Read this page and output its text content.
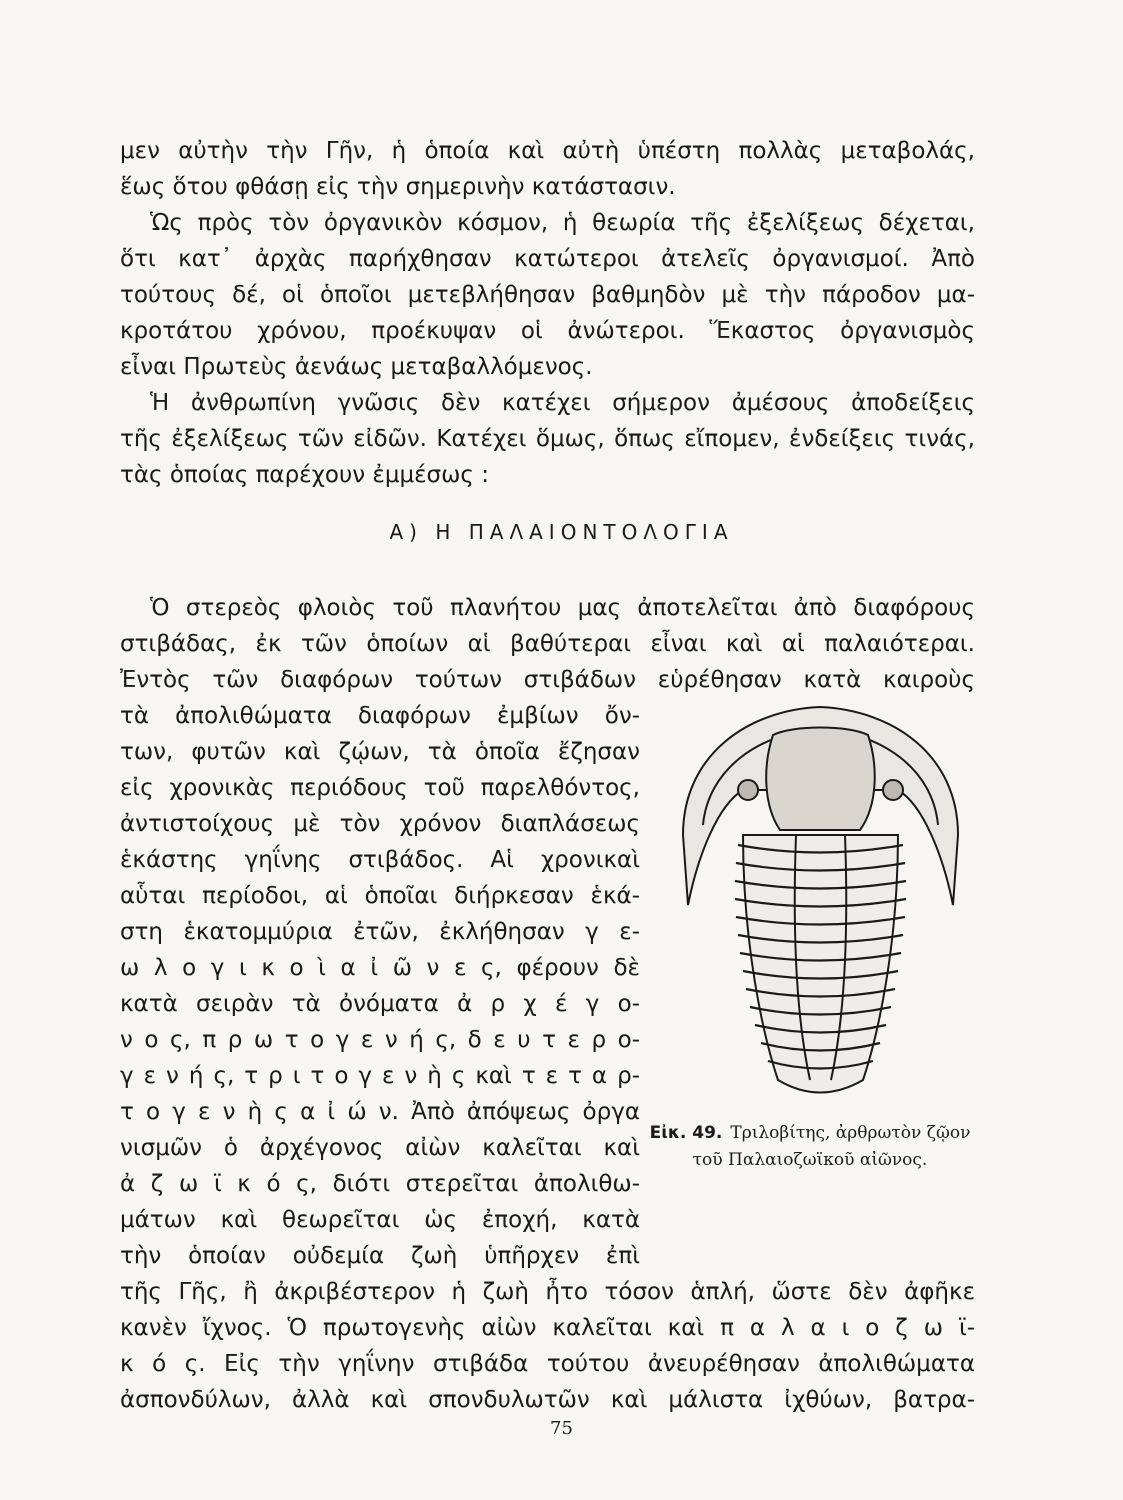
μεν αὐτὴν τὴν Γῆν, ἡ ὁποία καὶ αὐτὴ ὑπέστη πολλὰς μεταβολάς,
ἕως ὅτου φθάσῃ εἰς τὴν σημερινὴν κατάστασιν.
Ὡς πρὸς τὸν ὀργανικὸν κόσμον, ἡ θεωρία τῆς ἐξελίξεως δέχεται,
ὅτι κατ᾽ ἀρχὰς παρήχθησαν κατώτεροι ἀτελεῖς ὀργανισμοί. Ἀπὸ
τούτους δέ, οἱ ὁποῖοι μετεβλήθησαν βαθμηδὸν μὲ τὴν πάροδον μα-
κροτάτου χρόνου, προέκυψαν οἱ ἀνώτεροι. Ἕκαστος ὀργανισμὸς
εἶναι Πρωτεὺς ἀενάως μεταβαλλόμενος.
Ἡ ἀνθρωπίνη γνῶσις δὲν κατέχει σήμερον ἀμέσους ἀποδείξεις
τῆς ἐξελίξεως τῶν εἰδῶν. Κατέχει ὅμως, ὅπως εἴπομεν, ἐνδείξεις τινάς,
τὰς ὁποίας παρέχουν ἐμμέσως :
Α) Η ΠΑΛΑΙΟΝΤΟΛΟΓΙΑ
Ὁ στερεὸς φλοιὸς τοῦ πλανήτου μας ἀποτελεῖται ἀπὸ διαφόρους
στιβάδας, ἐκ τῶν ὁποίων αἱ βαθύτεραι εἶναι καὶ αἱ παλαιότεραι.
Ἐντὸς τῶν διαφόρων τούτων στιβάδων εὑρέθησαν κατὰ καιροὺς
τὰ ἀπολιθώματα διαφόρων ἐμβίων ὄν-
των, φυτῶν καὶ ζῴων, τὰ ὁποῖα ἔζησαν
εἰς χρονικὰς περιόδους τοῦ παρελθόντος,
ἀντιστοίχους μὲ τὸν χρόνον διαπλάσεως
ἑκάστης γηΐνης στιβάδος. Αἱ χρονικαὶ
αὗται περίοδοι, αἱ ὁποῖαι διήρκεσαν ἑκά-
στη ἑκατομμύρια ἐτῶν, ἐκλήθησαν γ ε-
ω λ ο γ ι κ ο ὶ α ἰ ῶ ν ε ς, φέρουν δὲ
κατὰ σειρὰν τὰ ὀνόματα ἀ ρ χ έ γ ο-
ν ο ς, π ρ ω τ ο γ ε ν ή ς, δ ε υ τ ε ρ ο-
γ ε ν ή ς, τ ρ ι τ ο γ ε ν ὴ ς καὶ τ ε τ α ρ-
τ ο γ ε ν ὴ ς α ἰ ώ ν. Ἀπὸ ἀπόψεως ὀργα
νισμῶν ὁ ἀρχέγονος αἰὼν καλεῖται καὶ
ἀ ζ ω ϊ κ ό ς, διότι στερεῖται ἀπολιθω-
μάτων καὶ θεωρεῖται ὡς ἐποχή, κατὰ
τὴν ὁποίαν οὐδεμία ζωὴ ὑπῆρχεν ἐπὶ
τῆς Γῆς, ἢ ἀκριβέστερον ἡ ζωὴ ἦτο τόσον ἁπλή, ὥστε δὲν ἀφῆκε
κανὲν ἴχνος. Ὁ πρωτογενὴς αἰὼν καλεῖται καὶ π α λ α ι ο ζ ω ϊ-
κ ό ς. Εἰς τὴν γηΐνην στιβάδα τούτου ἀνευρέθησαν ἀπολιθώματα
ἀσπονδύλων, ἀλλὰ καὶ σπονδυλωτῶν καὶ μάλιστα ἰχθύων, βατρα-
Εἰκ. 49. Τριλοβίτης, ἀρθρωτὸν ζῷον τοῦ Παλαιοζωϊκοῦ αἰῶνος.
75
